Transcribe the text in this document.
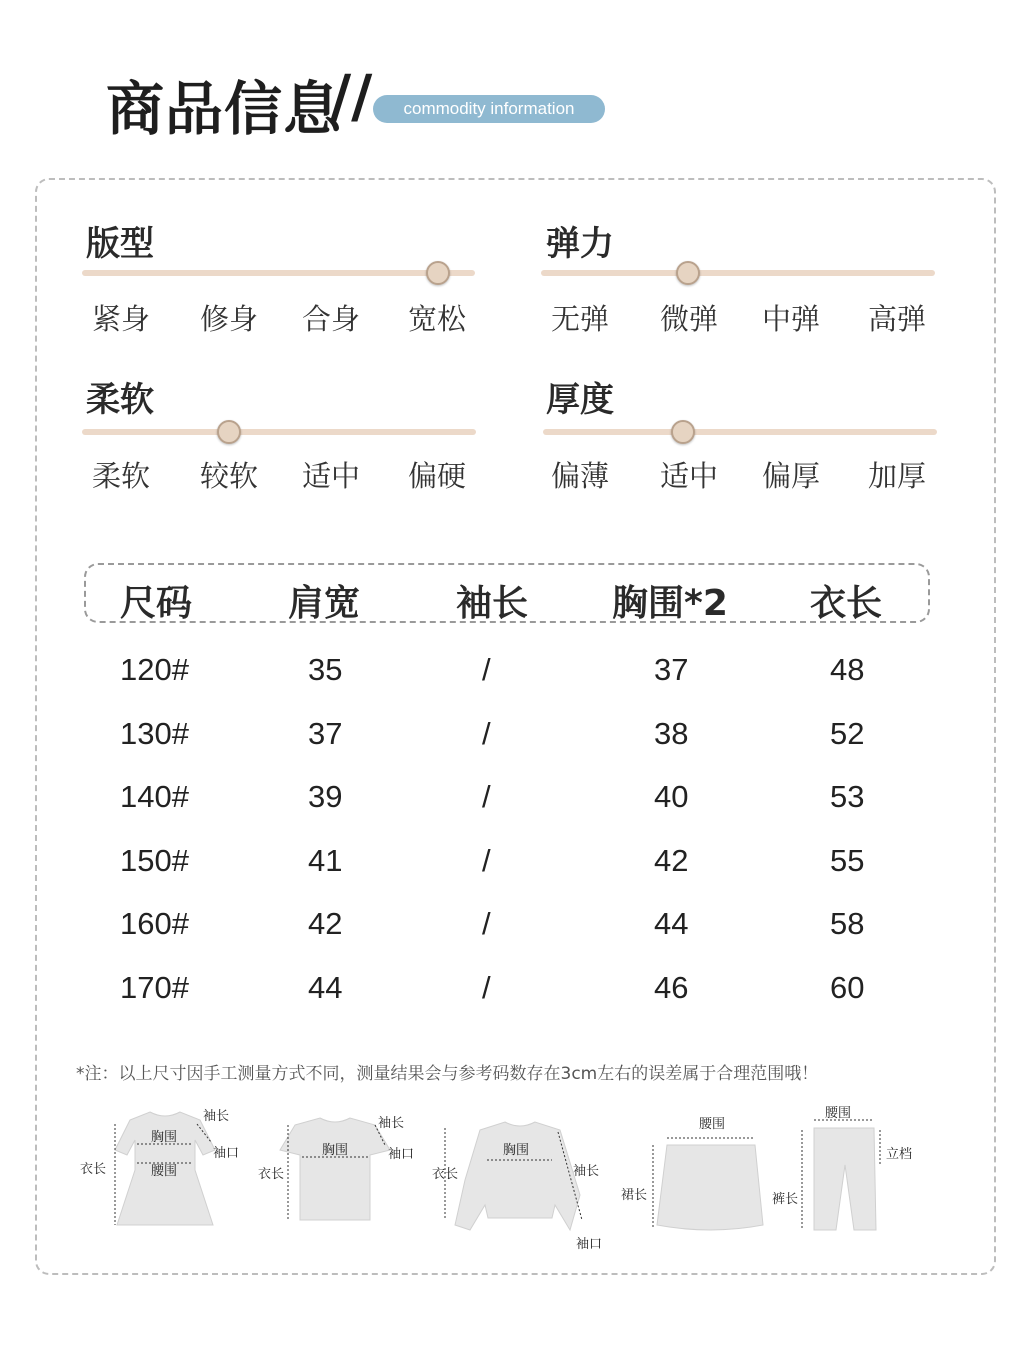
商品信息
//	commodity information
版型
紧身 修身 合身 宽松
弹力
无弹 微弹 中弹 高弹
柔软
柔软 较软 适中 偏硬
厚度
偏薄 适中 偏厚 加厚
尺码	肩宽	袖长 胸围*2 衣长
120#	35	/	37	48
130#	37	/	38	52
140#	39	/	40	53
150#	41	/	42	55
160#	42	/	44	58
170#	44	/	46	60
*注：以上尺寸因手工测量方式不同，测量结果会与参考码数存在3cm左右的误差属于合理范围哦！
胸围
腰围
衣长
袖长
袖口	胸围
衣长
袖长
袖口	胸围
衣长	袖长
袖口
腰围
裙长
腰围
立档
裤长
